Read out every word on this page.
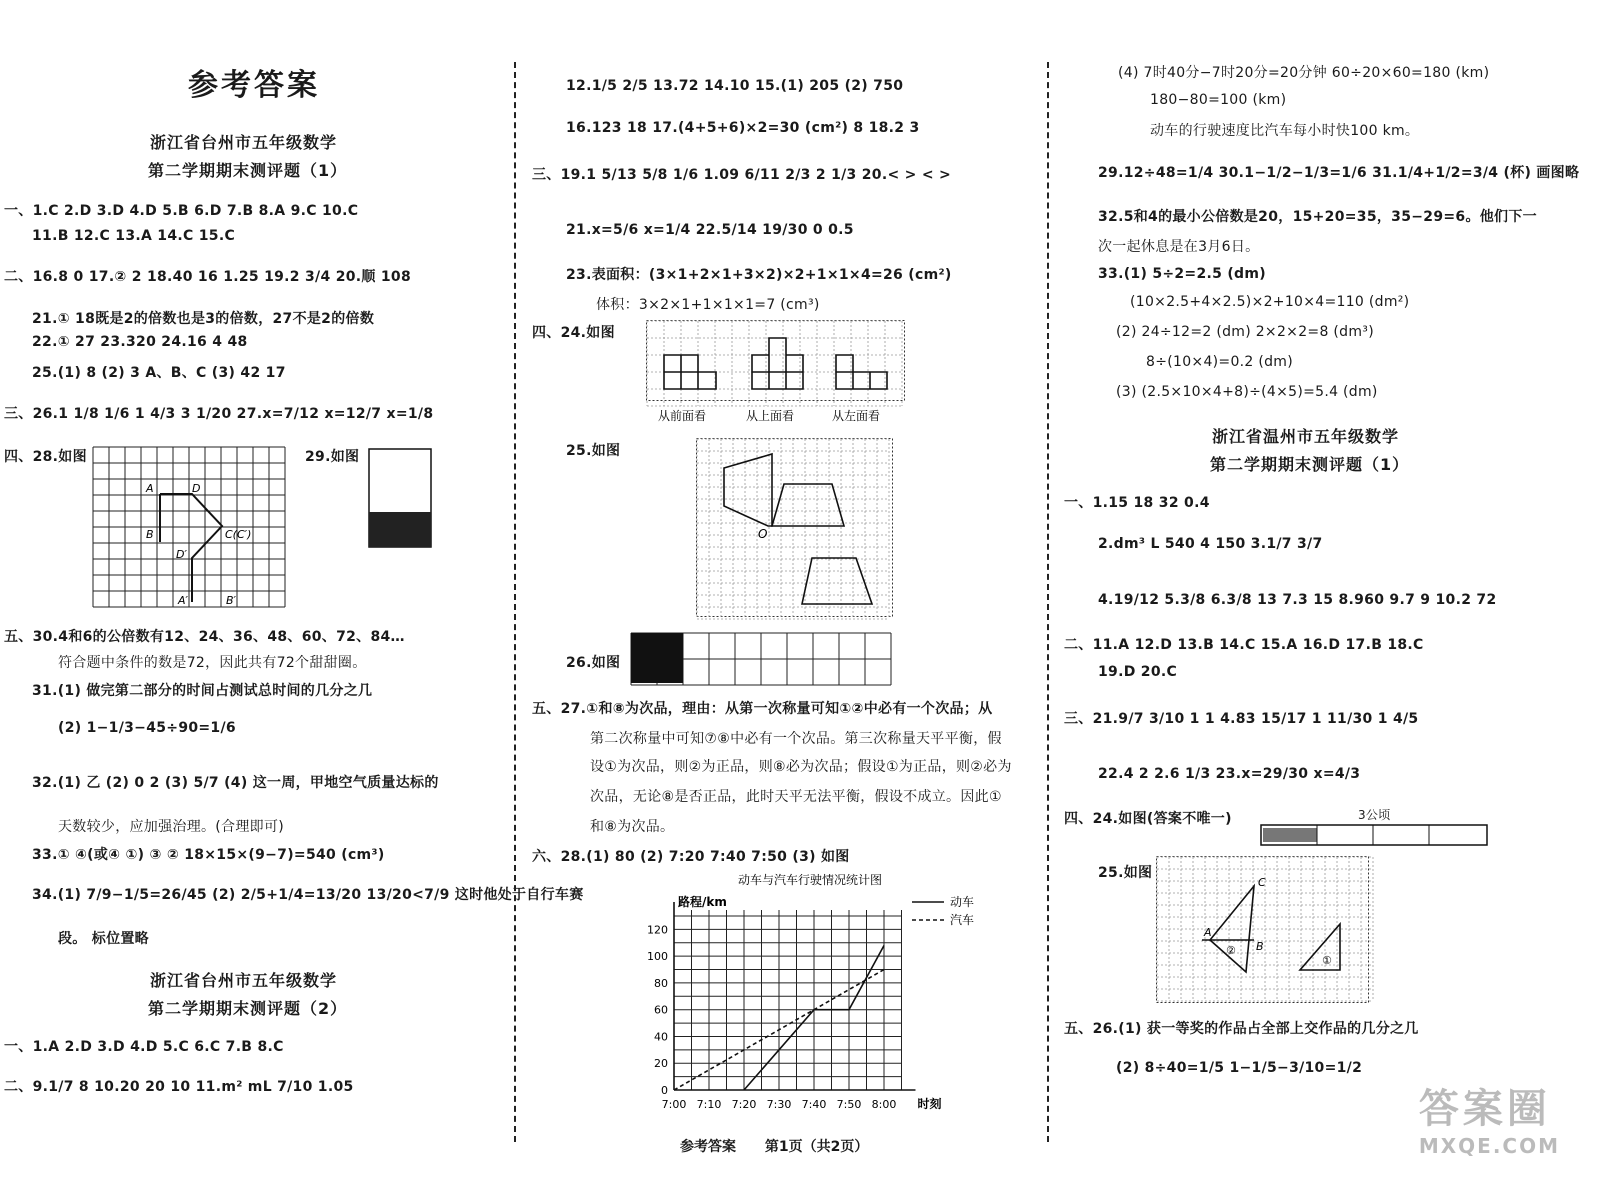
参考答案
浙江省台州市五年级数学
第二学期期末测评题（1）
一、1.C 2.D 3.D 4.D 5.B 6.D 7.B 8.A 9.C 10.C
11.B 12.C 13.A 14.C 15.C
二、16.8 0 17.② 2 18.40 16 1.25 19.2 3/4 20.顺 108
21.① 18既是2的倍数也是3的倍数，27不是2的倍数
22.① 27 23.320 24.16 4 48
25.(1) 8 (2) 3 A、B、C (3) 42 17
三、26.1 1/8 1/6 1 4/3 3 1/20 27.x=7/12 x=12/7 x=1/8
四、28.如图	29.如图
A	D
B	C(C′)
D′
A′	B′
五、30.4和6的公倍数有12、24、36、48、60、72、84…
符合题中条件的数是72，因此共有72个甜甜圈。
31.(1) 做完第二部分的时间占测试总时间的几分之几
(2) 1−1/3−45÷90=1/6
32.(1) 乙 (2) 0 2 (3) 5/7 (4) 这一周，甲地空气质量达标的
天数较少，应加强治理。(合理即可)
33.① ④(或④ ①) ③ ② 18×15×(9−7)=540 (cm³)
34.(1) 7/9−1/5=26/45 (2) 2/5+1/4=13/20 13/20<7/9 这时他处于自行车赛
段。 标位置略
浙江省台州市五年级数学
第二学期期末测评题（2）
一、1.A 2.D 3.D 4.D 5.C 6.C 7.B 8.C
二、9.1/7 8 10.20 20 10 11.m² mL 7/10 1.05
12.1/5 2/5 13.72 14.10 15.(1) 205 (2) 750
16.123 18 17.(4+5+6)×2=30 (cm²) 8 18.2 3
三、19.1 5/13 5/8 1/6 1.09 6/11 2/3 2 1/3 20.< > < >
21.x=5/6 x=1/4 22.5/14 19/30 0 0.5
23.表面积：(3×1+2×1+3×2)×2+1×1×4=26 (cm²)
体积：3×2×1+1×1×1=7 (cm³)
四、24.如图
从前面看	从上面看	从左面看
25.如图
O
26.如图
五、27.①和⑧为次品，理由：从第一次称量可知①②中必有一个次品；从
第二次称量中可知⑦⑧中必有一个次品。第三次称量天平平衡，假
设①为次品，则②为正品，则⑧必为次品；假设①为正品，则②必为
次品，无论⑧是否正品，此时天平无法平衡，假设不成立。因此①
和⑧为次品。
六、28.(1) 80 (2) 7:20 7:40 7:50 (3) 如图
动车与汽车行驶情况统计图
路程/km
时刻
0
20
40
60
80
100
120
7:00 7:10 7:20 7:30 7:40 7:50 8:00
动车
汽车
(4) 7时40分−7时20分=20分钟 60÷20×60=180 (km)
180−80=100 (km)
动车的行驶速度比汽车每小时快100 km。
29.12÷48=1/4 30.1−1/2−1/3=1/6 31.1/4+1/2=3/4 (杯) 画图略
32.5和4的最小公倍数是20，15+20=35，35−29=6。他们下一
次一起休息是在3月6日。
33.(1) 5÷2=2.5 (dm)
(10×2.5+4×2.5)×2+10×4=110 (dm²)
(2) 24÷12=2 (dm) 2×2×2=8 (dm³)
8÷(10×4)=0.2 (dm)
(3) (2.5×10×4+8)÷(4×5)=5.4 (dm)
浙江省温州市五年级数学
第二学期期末测评题（1）
一、1.15 18 32 0.4
2.dm³ L 540 4 150 3.1/7 3/7
4.19/12 5.3/8 6.3/8 13 7.3 15 8.960 9.7 9 10.2 72
二、11.A 12.D 13.B 14.C 15.A 16.D 17.B 18.C
19.D 20.C
三、21.9/7 3/10 1 1 4.83 15/17 1 11/30 1 4/5
22.4 2 2.6 1/3 23.x=29/30 x=4/3
四、24.如图(答案不唯一)	3公顷
25.如图
C
A
② B
①
五、26.(1) 获一等奖的作品占全部上交作品的几分之几
(2) 8÷40=1/5 1−1/5−3/10=1/2
参考答案 第1页（共2页）
答案圈
MXQE.COM
